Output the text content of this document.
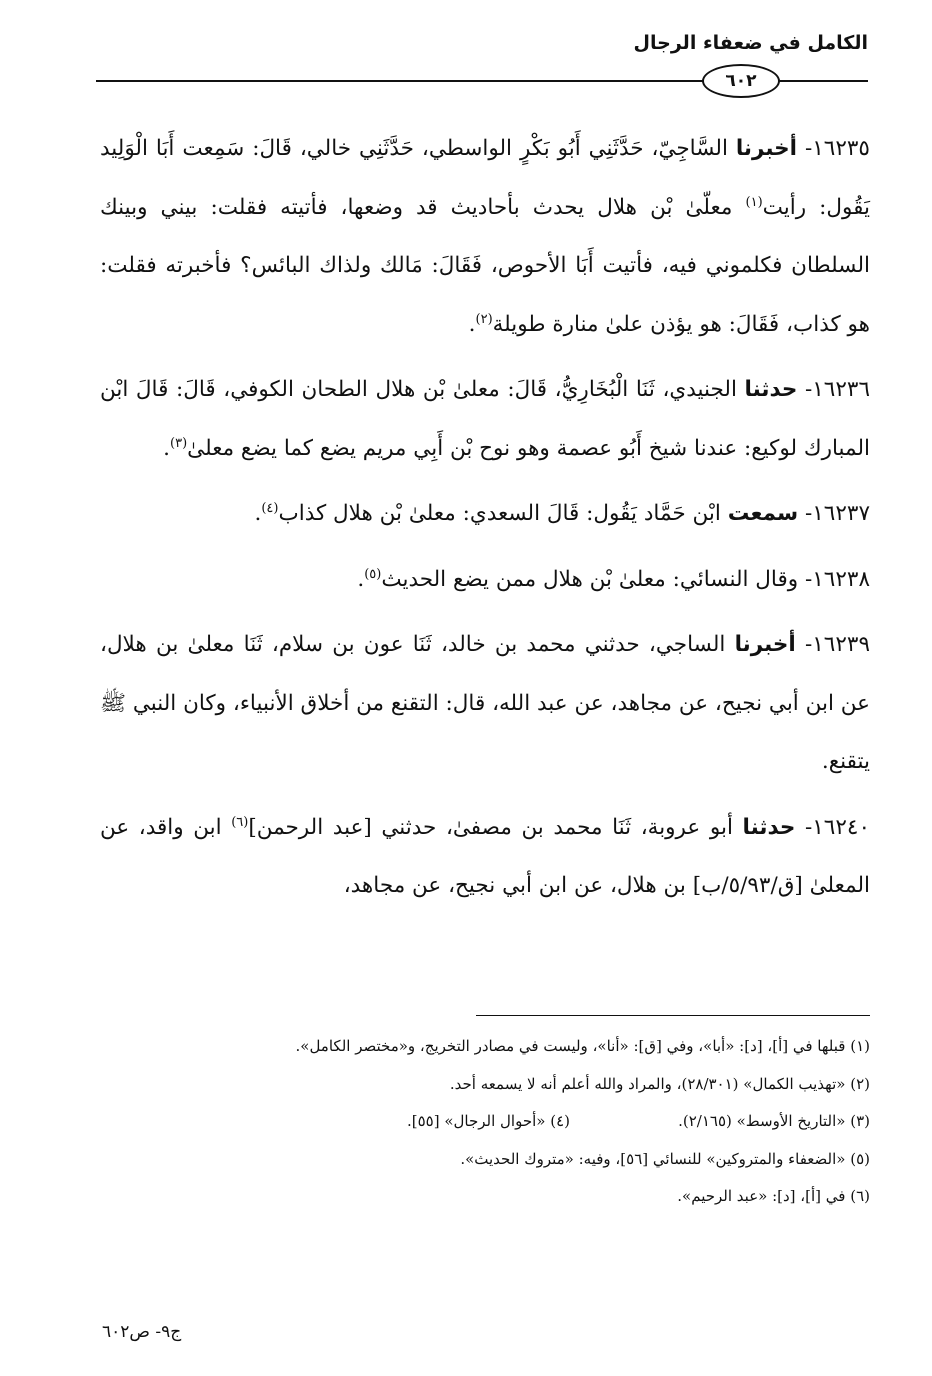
الكامل في ضعفاء الرجال
٦٠٢

١٦٢٣٥- أخبرنا السَّاجِيّ، حَدَّثَنِي أَبُو بَكْرٍ الواسطي، حَدَّثَنِي خالي، قَالَ: سَمِعت أَبَا الْوَلِيد يَقُول: رأيت$^{(١)}$ معلّىٰ بْن هلال يحدث بأحاديث قد وضعها، فأتيته فقلت: بيني وبينك السلطان فكلموني فيه، فأتيت أَبَا الأحوص، فَقَالَ: مَالك ولذاك البائس؟ فأخبرته فقلت: هو كذاب، فَقَالَ: هو يؤذن علىٰ منارة طويلة$^{(٢)}$.

١٦٢٣٦- حدثنا الجنيدي، ثَنَا الْبُخَارِيُّ، قَالَ: معلىٰ بْن هلال الطحان الكوفي، قَالَ: قَالَ ابْن المبارك لوكيع: عندنا شيخ أَبُو عصمة وهو نوح بْن أَبِي مريم يضع كما يضع معلىٰ$^{(٣)}$.

١٦٢٣٧- سمعت ابْن حَمَّاد يَقُول: قَالَ السعدي: معلىٰ بْن هلال كذاب$^{(٤)}$.

١٦٢٣٨- وقال النسائي: معلىٰ بْن هلال ممن يضع الحديث$^{(٥)}$.

١٦٢٣٩- أخبرنا الساجي، حدثني محمد بن خالد، ثَنَا عون بن سلام، ثَنَا معلىٰ بن هلال، عن ابن أبي نجيح، عن مجاهد، عن عبد الله، قال: التقنع من أخلاق الأنبياء، وكان النبي ﷺ يتقنع.

١٦٢٤٠- حدثنا أبو عروبة، ثَنَا محمد بن مصفىٰ، حدثني [عبد الرحمن]$^{(٦)}$ ابن واقد، عن المعلىٰ [ق/٥/٩٣/ب] بن هلال، عن ابن أبي نجيح، عن مجاهد،

(١) قبلها في [أ]، [د]: «أبا»، وفي [ق]: «أنا»، وليست في مصادر التخريج، و«مختصر الكامل».
(٢) «تهذيب الكمال» (٢٨/٣٠١)، والمراد والله أعلم أنه لا يسمعه أحد.
(٣) «التاريخ الأوسط» (٢/١٦٥).
(٤) «أحوال الرجال» [٥٥].
(٥) «الضعفاء والمتروكين» للنسائي [٥٦]، وفيه: «متروك الحديث».
(٦) في [أ]، [د]: «عبد الرحيم».
ج٩- ص٦٠٢
